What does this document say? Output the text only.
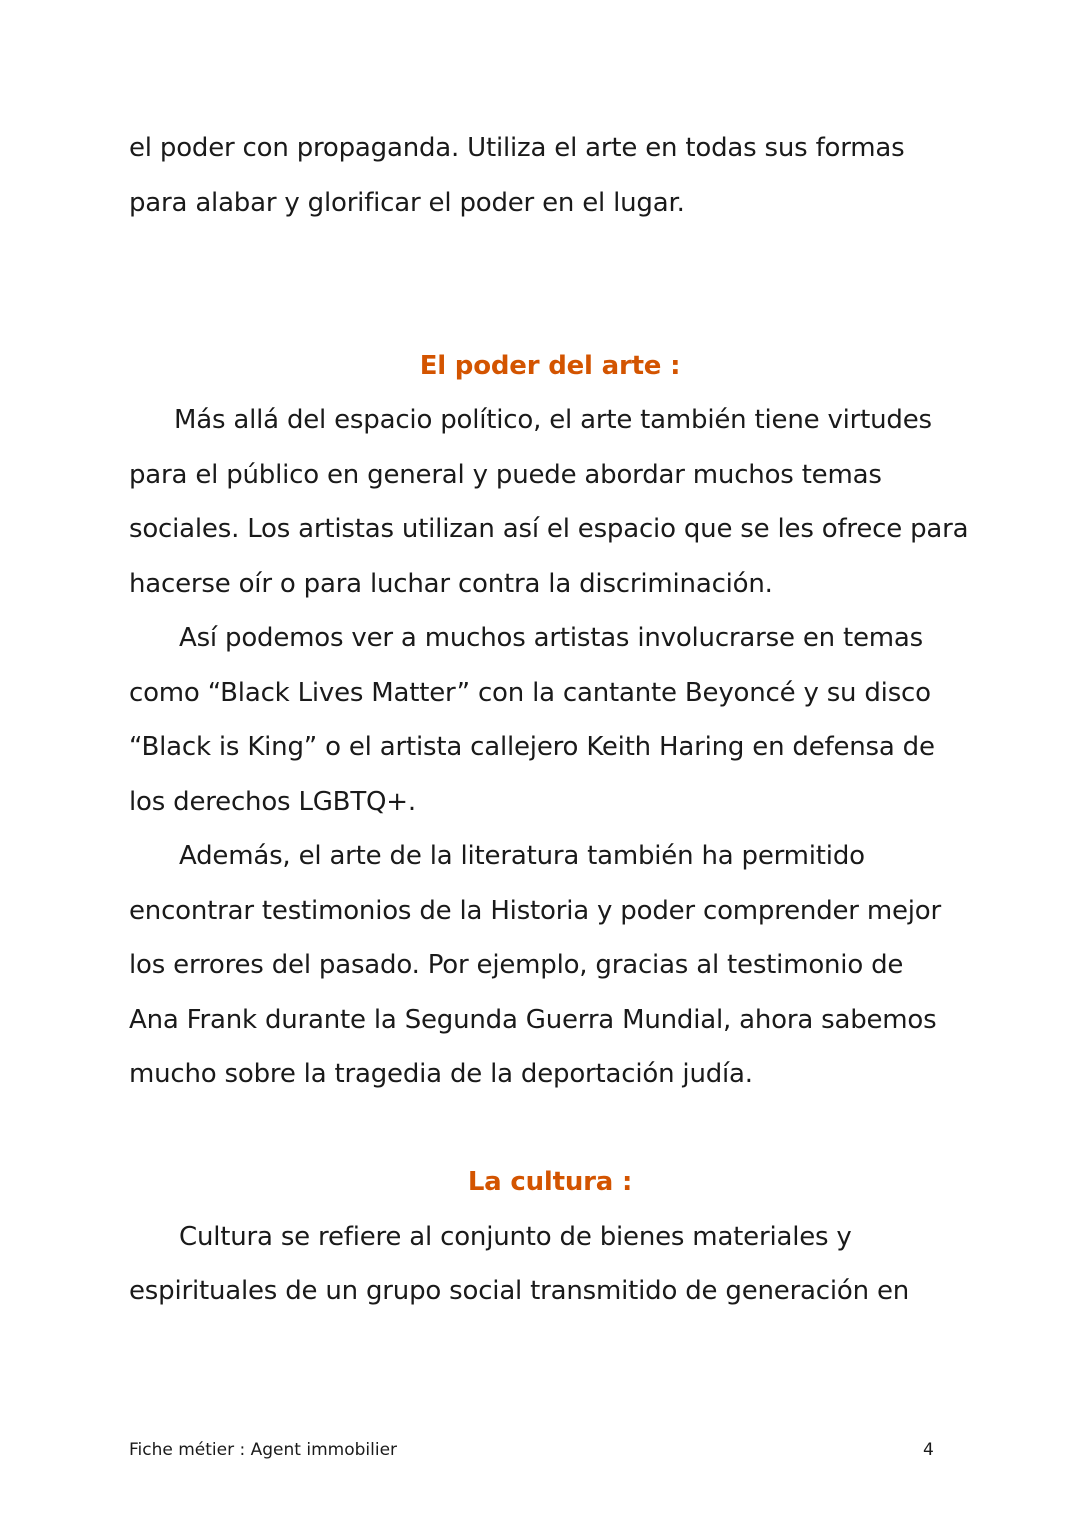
el poder con propaganda. Utiliza el arte en todas sus formas
para alabar y glorificar el poder en el lugar.
El poder del arte :
Más allá del espacio político, el arte también tiene virtudes
para el público en general y puede abordar muchos temas
sociales. Los artistas utilizan así el espacio que se les ofrece para
hacerse oír o para luchar contra la discriminación.
Así podemos ver a muchos artistas involucrarse en temas
como “Black Lives Matter” con la cantante Beyoncé y su disco
“Black is King” o el artista callejero Keith Haring en defensa de
los derechos LGBTQ+.
Además, el arte de la literatura también ha permitido
encontrar testimonios de la Historia y poder comprender mejor
los errores del pasado. Por ejemplo, gracias al testimonio de
Ana Frank durante la Segunda Guerra Mundial, ahora sabemos
mucho sobre la tragedia de la deportación judía.
La cultura :
Cultura se refiere al conjunto de bienes materiales y
espirituales de un grupo social transmitido de generación en
Fiche métier : Agent immobilier	4
